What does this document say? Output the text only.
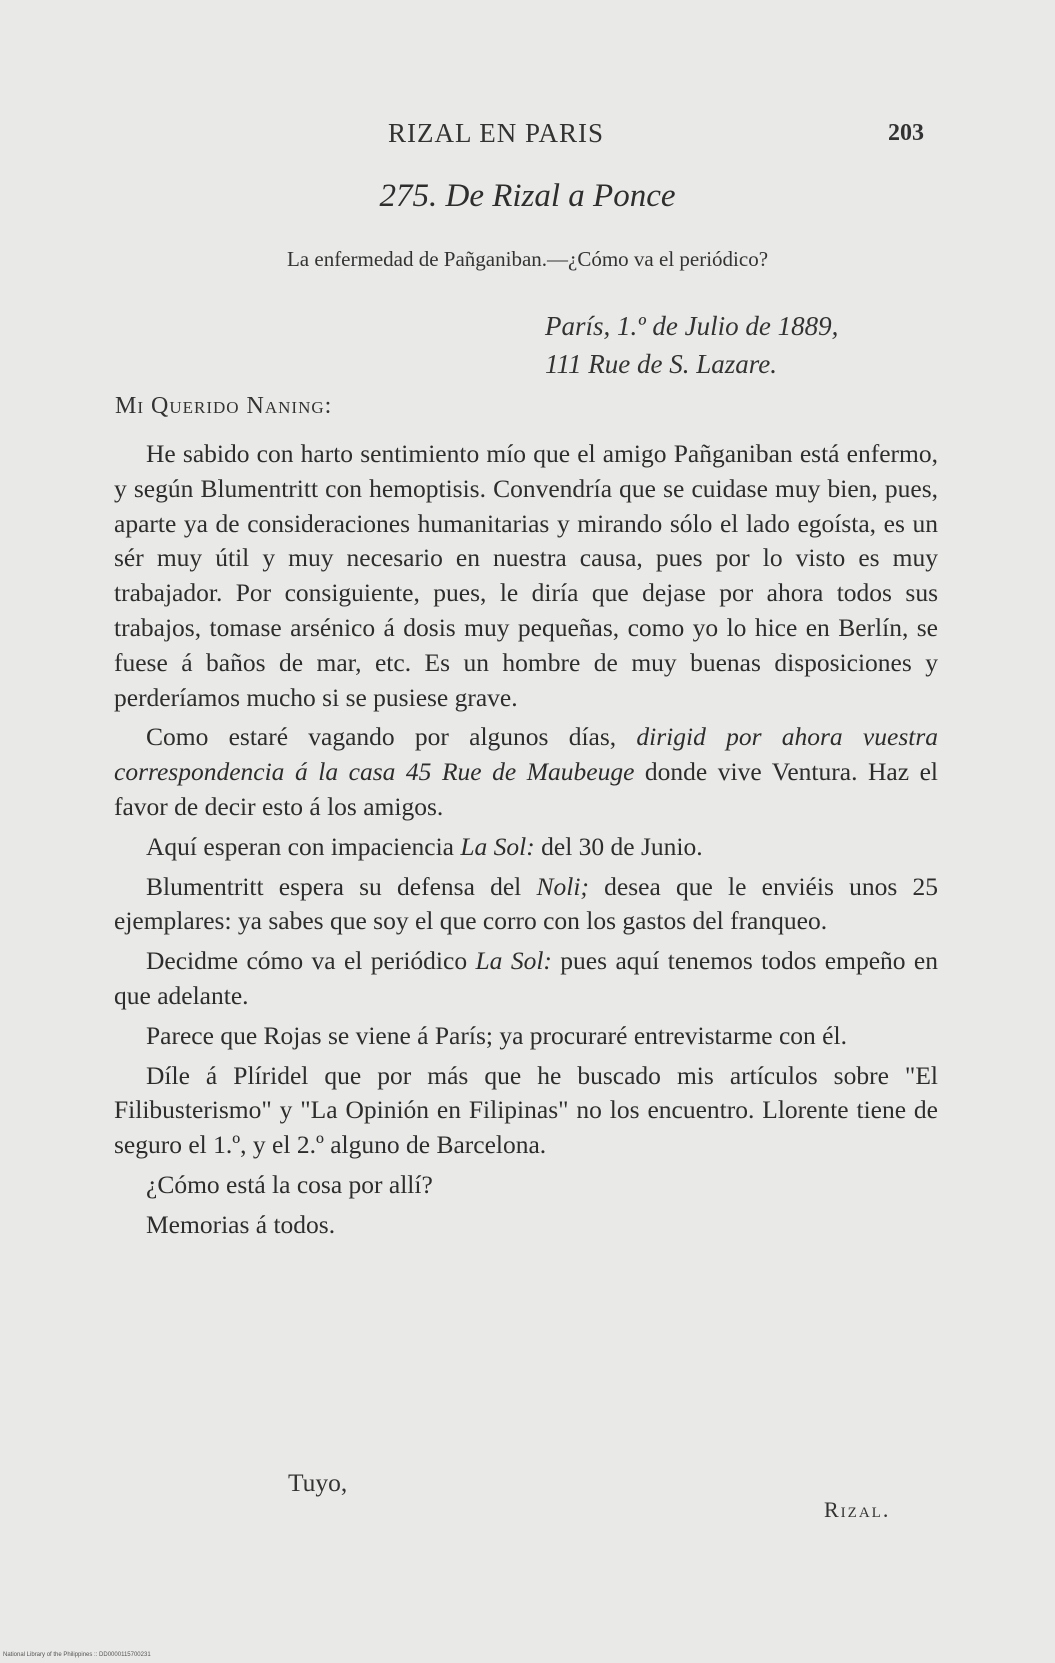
RIZAL EN PARIS	203
275. De Rizal a Ponce
La enfermedad de Pañganiban.—¿Cómo va el periódico?
París, 1.º de Julio de 1889,
111 Rue de S. Lazare.
Mi Querido Naning:

He sabido con harto sentimiento mío que el amigo Pañganiban está enfermo, y según Blumentritt con hemoptisis. Convendría que se cuidase muy bien, pues, aparte ya de consideraciones humanitarias y mirando sólo el lado egoísta, es un sér muy útil y muy necesario en nuestra causa, pues por lo visto es muy trabajador. Por consiguiente, pues, le diría que dejase por ahora todos sus trabajos, tomase arsénico á dosis muy pequeñas, como yo lo hice en Berlín, se fuese á baños de mar, etc. Es un hombre de muy buenas disposiciones y perderíamos mucho si se pusiese grave.

Como estaré vagando por algunos días, dirigid por ahora vuestra correspondencia á la casa 45 Rue de Maubeuge donde vive Ventura. Haz el favor de decir esto á los amigos.

Aquí esperan con impaciencia La Sol: del 30 de Junio.

Blumentritt espera su defensa del Noli; desea que le enviéis unos 25 ejemplares: ya sabes que soy el que corro con los gastos del franqueo.

Decidme cómo va el periódico La Sol: pues aquí tenemos todos empeño en que adelante.

Parece que Rojas se viene á París; ya procuraré entrevistarme con él.

Díle á Plíridel que por más que he buscado mis artículos sobre "El Filibusterismo" y "La Opinión en Filipinas" no los encuentro. Llorente tiene de seguro el 1.º, y el 2.º alguno de Barcelona.

¿Cómo está la cosa por allí?

Memorias á todos.

Tuyo,
Rizal.
National Library of the Philippines :: DD0000115700231
